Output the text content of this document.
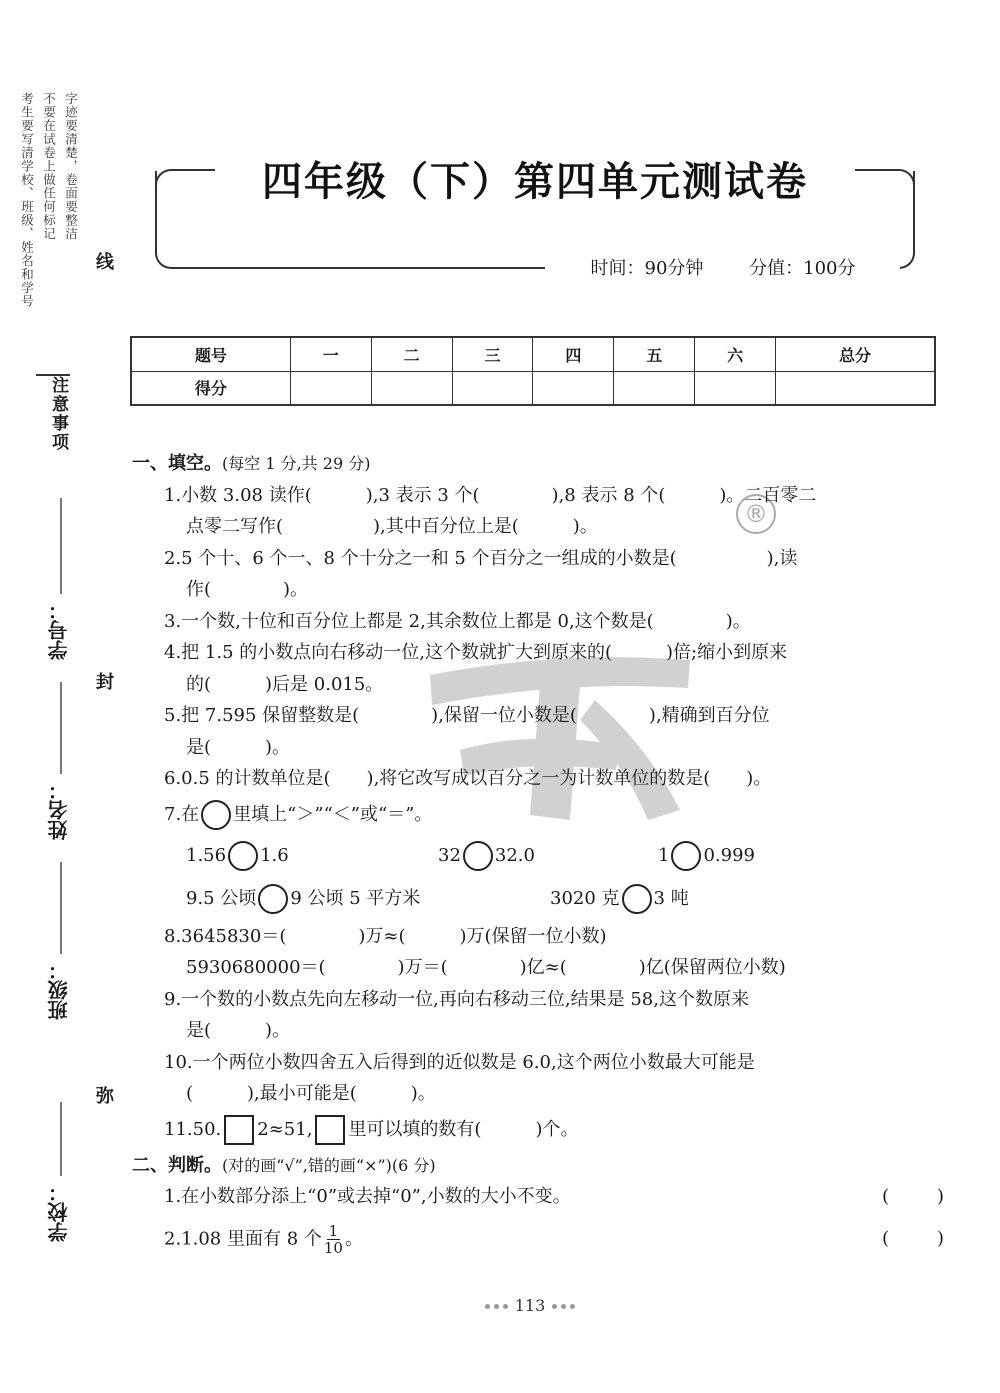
考生要写清学校、班级、姓名和学号 不要在试卷上做任何标记 字迹要清楚，卷面要整洁
注意事项
线
封
弥
学号：
姓名：
班级：
学校：
四年级（下）第四单元测试卷
时间：90分钟	分值：100分
题号	一	二	三	四	五	六	总分
得分							
®
一、填空。(每空 1 分,共 29 分)
1.小数 3.08 读作(　　　),3 表示 3 个(　　　　),8 表示 8 个(　　　)。二百零二
点零二写作(　　　　　),其中百分位上是(　　　)。
2.5 个十、6 个一、8 个十分之一和 5 个百分之一组成的小数是(　　　　　),读
作(　　　　)。
3.一个数,十位和百分位上都是 2,其余数位上都是 0,这个数是(　　　　)。
4.把 1.5 的小数点向右移动一位,这个数就扩大到原来的(　　　)倍;缩小到原来
的(　　　)后是 0.015。
5.把 7.595 保留整数是(　　　　),保留一位小数是(　　　　),精确到百分位
是(　　　)。
6.0.5 的计数单位是(　　),将它改写成以百分之一为计数单位的数是(　　)。
7.在 里填上“＞”“＜”或“＝”。
1.56 1.6	32 32.0	1 0.999
9.5 公顷 9 公顷 5 平方米	3020 克 3 吨
8.3645830＝(　　　　)万≈(　　　)万(保留一位小数)
5930680000＝(　　　　)万＝(　　　　)亿≈(　　　　)亿(保留两位小数)
9.一个数的小数点先向左移动一位,再向右移动三位,结果是 58,这个数原来
是(　　　)。
10.一个两位小数四舍五入后得到的近似数是 6.0,这个两位小数最大可能是
(　　　),最小可能是(　　　)。
11.50. 2≈51, 里可以填的数有(　　　)个。
二、判断。(对的画“√”,错的画“×”)(6 分)
1.在小数部分添上“0”或去掉“0”,小数的大小不变。	(	)
2.1.08 里面有 8 个 $\frac{1}{10}$ 。	(	)
113
